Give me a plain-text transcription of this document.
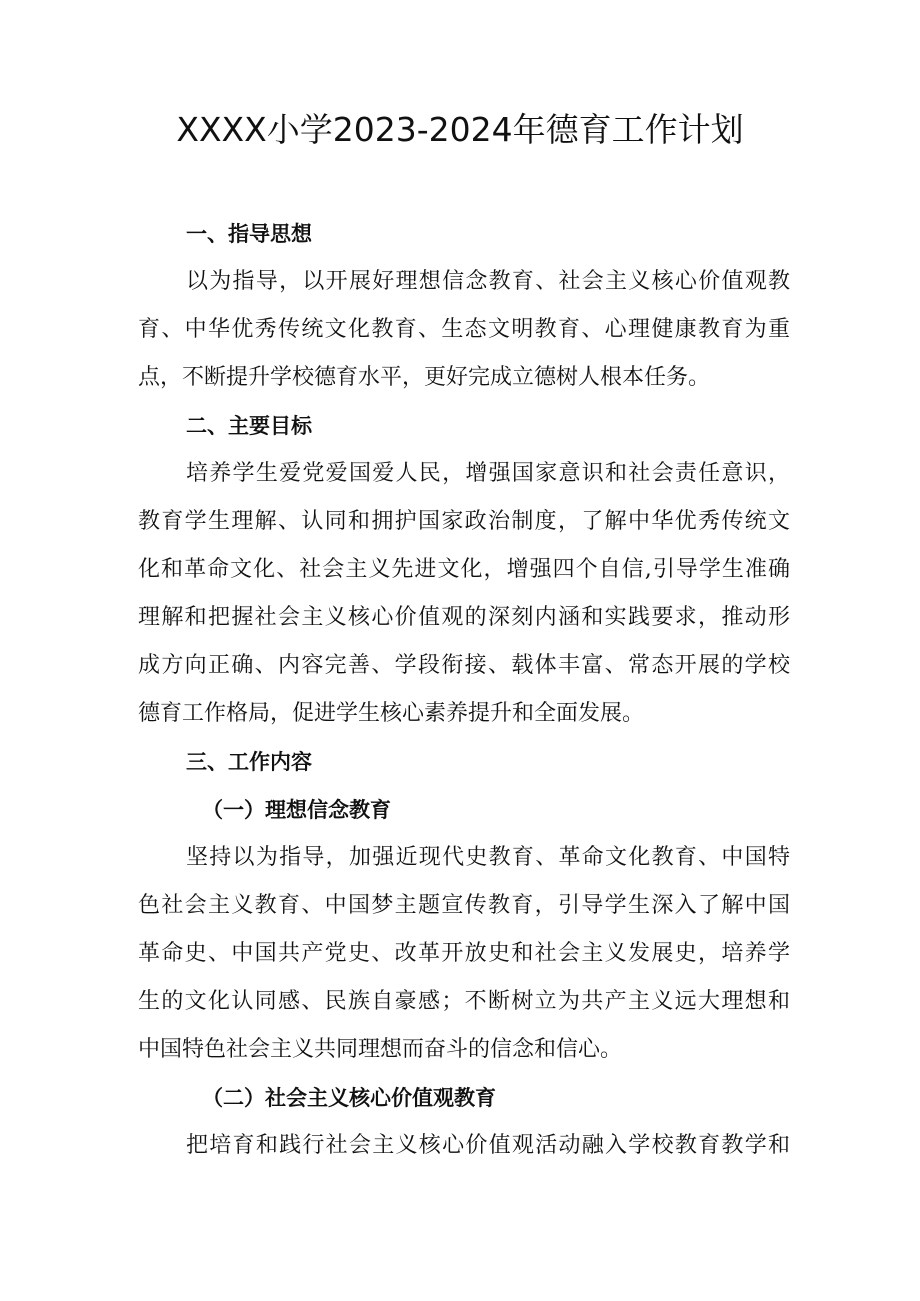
XXXX小学2023-2024年德育工作计划
一、指导思想
以为指导，以开展好理想信念教育、社会主义核心价值观教
育、中华优秀传统文化教育、生态文明教育、心理健康教育为重
点，不断提升学校德育水平，更好完成立德树人根本任务。
二、主要目标
培养学生爱党爱国爱人民，增强国家意识和社会责任意识，
教育学生理解、认同和拥护国家政治制度，了解中华优秀传统文
化和革命文化、社会主义先进文化，增强四个自信,引导学生准确
理解和把握社会主义核心价值观的深刻内涵和实践要求，推动形
成方向正确、内容完善、学段衔接、载体丰富、常态开展的学校
德育工作格局，促进学生核心素养提升和全面发展。
三、工作内容
（一）理想信念教育
坚持以为指导，加强近现代史教育、革命文化教育、中国特
色社会主义教育、中国梦主题宣传教育，引导学生深入了解中国
革命史、中国共产党史、改革开放史和社会主义发展史，培养学
生的文化认同感、民族自豪感；不断树立为共产主义远大理想和
中国特色社会主义共同理想而奋斗的信念和信心。
（二）社会主义核心价值观教育
把培育和践行社会主义核心价值观活动融入学校教育教学和
